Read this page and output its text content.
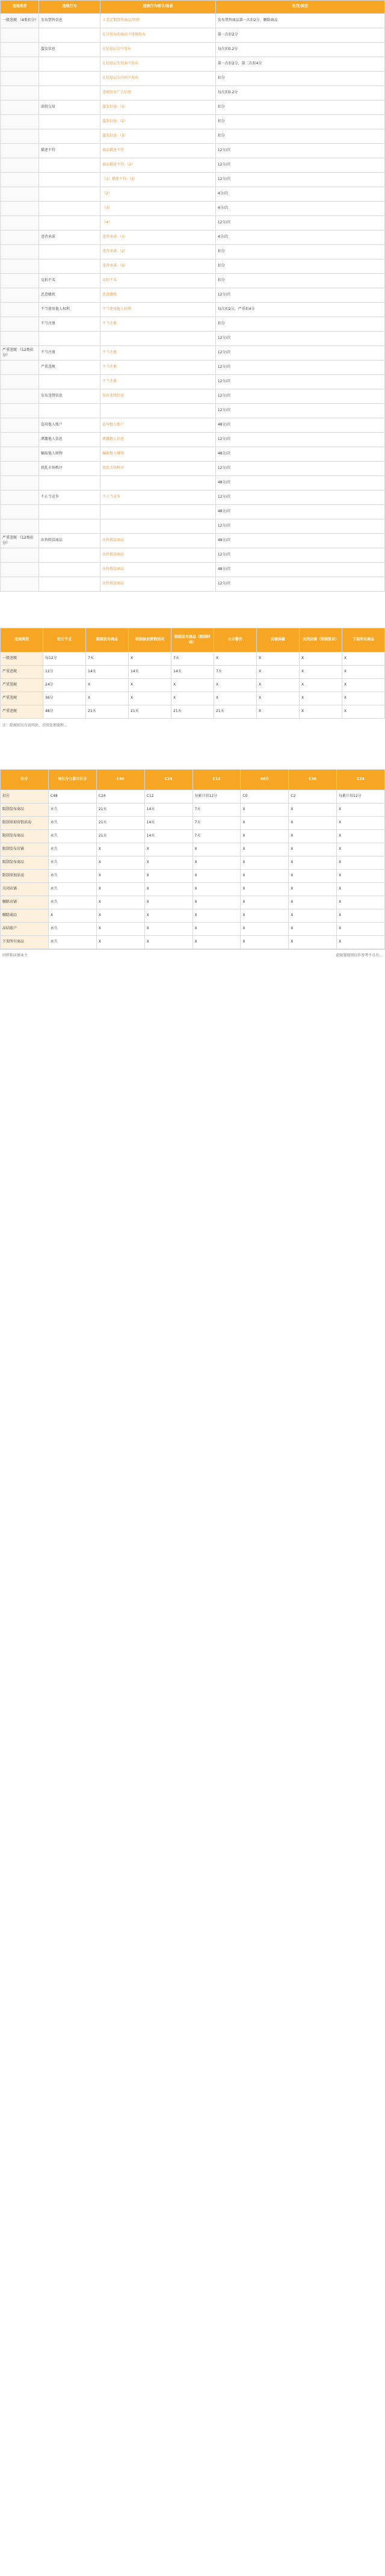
违规类型	违规行为	违规行为细节/场景	处罚/类型
一般违规 （4类扣分）	发布禁售信息	卡美定期禁售商品/管理	发布禁售商品第一次扣2分，删除商品
		在自发布的商品中违规发布	第一次扣2分
	滥发信息	在信息层次中发布	每次扣0.2分
		在信息层次页面中发布	第一次扣2分，第二次扣4分
		在信息层次内容中发布	扣分
		违规发布广告信息	每次扣0.2分
	虚假交易	滥发信息-（1）	扣分
		滥发信息-（2）	扣分
		滥发信息-（3）	扣分
	描述不符	商品描述不符	12分/次
		商品描述不符-（2）	12分/次
		（1）描述不符-（3）	12分/次
		（2）	4分/次
		（3）	4分/次
		（4）	12分/次
	违背承诺	违背承诺-（1）	4分/次
		违背承诺-（2）	扣分
		违背承诺-（3）	扣分
	竞拍不买	竞拍不买	扣分
	恶意骚扰	恶意骚扰	12分/次
	不当使用他人权利	不当使用他人权利	每次扣2分，严重扣4分
	不当注册	不当注册	扣分
			12分/次
严重违规 （12类扣分）	不当注册	不当注册	12分/次
	严重违规	不当注册	12分/次
		不当注册	12分/次
	发布违禁信息	发布违禁信息	12分/次
			12分/次
	盗用他人账户	盗用他人账户	48分/次
	泄露他人信息	泄露他人信息	12分/次
	骗取他人财物	骗取他人财物	48分/次
	扰乱市场秩序	扰乱市场秩序	12分/次
			48分/次
	不正当竞争	不正当竞争	12分/次
			48分/次
			12分/次
严重违规 （12类扣分）	出售假冒商品	出售假冒商品	48分/次
		出售假冒商品	12分/次
		出售假冒商品	48分/次
		出售假冒商品	12分/次
违规类型	扣分节点	限制发布商品	限制参加营销活动	限制发布商品（限制时间）	公示警告	店铺屏蔽	关闭店铺（限制登录）	下架所有商品
一般违规	每12分	7天	X	7天	X	X	X	X
严重违规	12分	14天	14天	14天	7天	X	X	X
严重违规	24分	X	X	X	X	X	X	X
严重违规	36分	X	X	X	X	X	X	X
严重违规	48分	21天	21天	21天	21天	X	X	X
注：除规则另有说明外，后续处理流程...
扣分	每扣分日累计扣分	C48	C24	C12	48分	C36	C24
扣分	C48	C24	C12	每累计扣12分	C0	C2	每累计扣12分
限制发布商品	永久	21天	14天	7天	X	X	X
限制参加营销活动	永久	21天	14天	7天	X	X	X
限制发布商品	永久	21天	14天	7天	X	X	X
限制发布店铺	永久	X	X	X	X	X	X
限制发布商品	永久	X	X	X	X	X	X
限制参加活动	永久	X	X	X	X	X	X
关闭店铺	永久	X	X	X	X	X	X
删除店铺	永久	X	X	X	X	X	X
删除商品	X	X	X	X	X	X	X
冻结账户	永久	X	X	X	X	X	X
下架所有商品	永久	X	X	X	X	X	X
同样和店铺业主	此限制规则仅作参考不具有...
